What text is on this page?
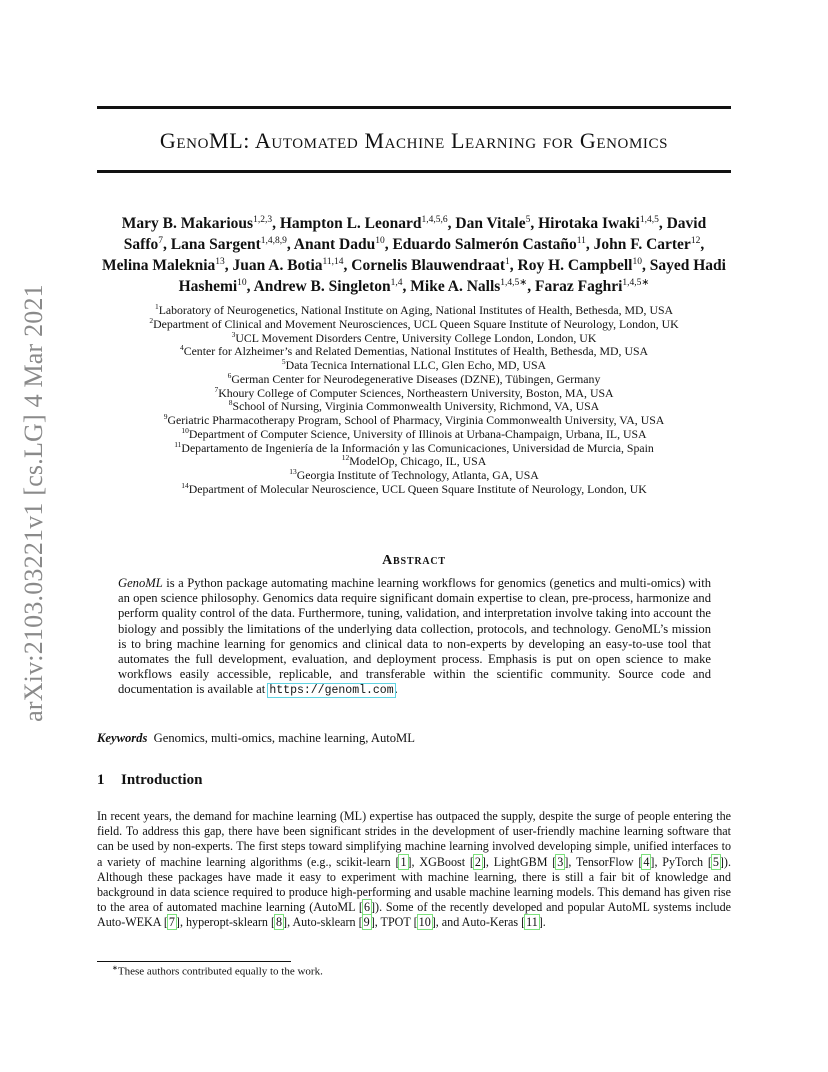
arXiv:2103.03221v1 [cs.LG] 4 Mar 2021
GenoML: Automated Machine Learning for Genomics
Mary B. Makarious$^{1,2,3}$, Hampton L. Leonard$^{1,4,5,6}$, Dan Vitale$^5$, Hirotaka Iwaki$^{1,4,5}$, David Saffo$^7$, Lana Sargent$^{1,4,8,9}$, Anant Dadu$^{10}$, Eduardo Salmerón Castaño$^{11}$, John F. Carter$^{12}$, Melina Maleknia$^{13}$, Juan A. Botia$^{11,14}$, Cornelis Blauwendraat$^1$, Roy H. Campbell$^{10}$, Sayed Hadi Hashemi$^{10}$, Andrew B. Singleton$^{1,4}$, Mike A. Nalls$^{1,4,5∗}$, Faraz Faghri$^{1,4,5∗}$
$^1$Laboratory of Neurogenetics, National Institute on Aging, National Institutes of Health, Bethesda, MD, USA
$^2$Department of Clinical and Movement Neurosciences, UCL Queen Square Institute of Neurology, London, UK
$^3$UCL Movement Disorders Centre, University College London, London, UK
$^4$Center for Alzheimer’s and Related Dementias, National Institutes of Health, Bethesda, MD, USA
$^5$Data Tecnica International LLC, Glen Echo, MD, USA
$^6$German Center for Neurodegenerative Diseases (DZNE), Tübingen, Germany
$^7$Khoury College of Computer Sciences, Northeastern University, Boston, MA, USA
$^8$School of Nursing, Virginia Commonwealth University, Richmond, VA, USA
$^9$Geriatric Pharmacotherapy Program, School of Pharmacy, Virginia Commonwealth University, VA, USA
$^{10}$Department of Computer Science, University of Illinois at Urbana-Champaign, Urbana, IL, USA
$^{11}$Departamento de Ingeniería de la Información y las Comunicaciones, Universidad de Murcia, Spain
$^{12}$ModelOp, Chicago, IL, USA
$^{13}$Georgia Institute of Technology, Atlanta, GA, USA
$^{14}$Department of Molecular Neuroscience, UCL Queen Square Institute of Neurology, London, UK
Abstract
GenoML is a Python package automating machine learning workflows for genomics (genetics and multi-omics) with an open science philosophy. Genomics data require significant domain expertise to clean, pre-process, harmonize and perform quality control of the data. Furthermore, tuning, validation, and interpretation involve taking into account the biology and possibly the limitations of the underlying data collection, protocols, and technology. GenoML’s mission is to bring machine learning for genomics and clinical data to non-experts by developing an easy-to-use tool that automates the full development, evaluation, and deployment process. Emphasis is put on open science to make workflows easily accessible, replicable, and transferable within the scientific community. Source code and documentation is available at https://genoml.com.
Keywords Genomics, multi-omics, machine learning, AutoML
1 Introduction
In recent years, the demand for machine learning (ML) expertise has outpaced the supply, despite the surge of people entering the field. To address this gap, there have been significant strides in the development of user-friendly machine learning software that can be used by non-experts. The first steps toward simplifying machine learning involved developing simple, unified interfaces to a variety of machine learning algorithms (e.g., scikit-learn [1], XGBoost [2], LightGBM [3], TensorFlow [4], PyTorch [5]). Although these packages have made it easy to experiment with machine learning, there is still a fair bit of knowledge and background in data science required to produce high-performing and usable machine learning models. This demand has given rise to the area of automated machine learning (AutoML [6]). Some of the recently developed and popular AutoML systems include Auto-WEKA [7], hyperopt-sklearn [8], Auto-sklearn [9], TPOT [10], and Auto-Keras [11].
∗These authors contributed equally to the work.
